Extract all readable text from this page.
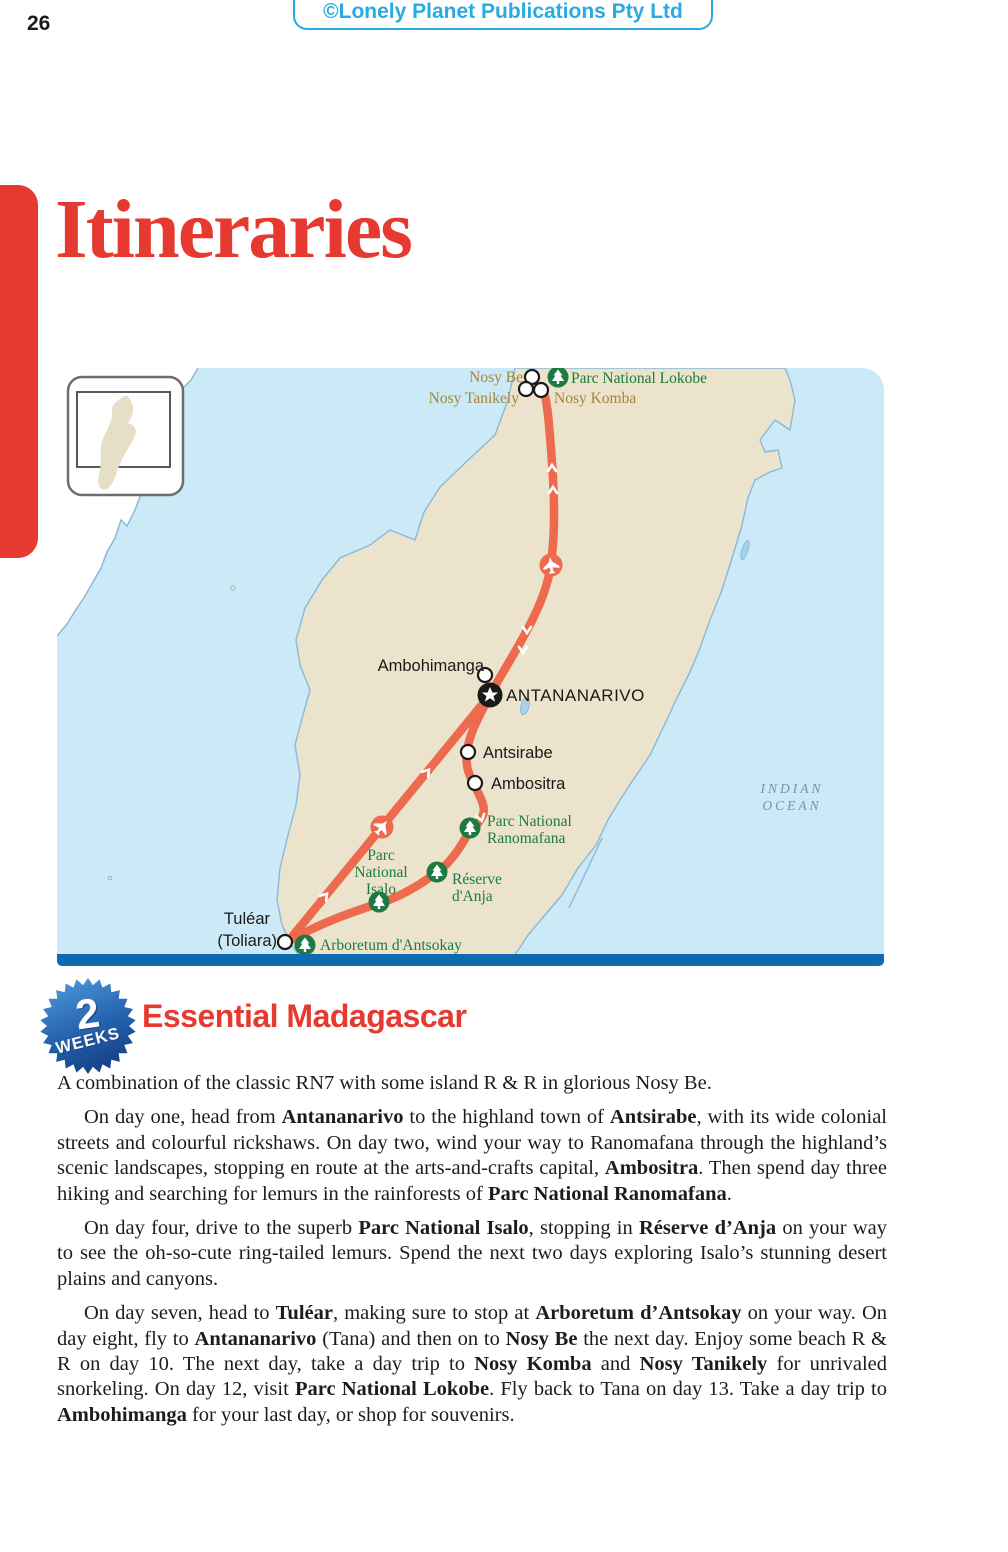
26
©Lonely Planet Publications Pty Ltd
Itineraries
Nosy Be	Parc National Lokobe
Nosy Tanikely Nosy Komba
Ambohimanga
ANTANANARIVO
Antsirabe
Ambositra
Parc National
Ranomafana
Parc
National
Isalo
Réserve
d'Anja
Tuléar
(Toliara)	Arboretum d'Antsokay
INDIAN
OCEAN
2
WEEKS
Essential Madagascar

A combination of the classic RN7 with some island R & R in glorious Nosy Be.

On day one, head from Antananarivo to the highland town of Antsirabe, with its wide colonial streets and colourful rickshaws. On day two, wind your way to Ranomafana through the highland’s scenic landscapes, stopping en route at the arts-and-crafts capital, Ambositra. Then spend day three hiking and searching for lemurs in the rainforests of Parc National Ranomafana.

On day four, drive to the superb Parc National Isalo, stopping in Réserve d’Anja on your way to see the oh-so-cute ring-tailed lemurs. Spend the next two days exploring Isalo’s stunning desert plains and canyons.

On day seven, head to Tuléar, making sure to stop at Arboretum d’Antsokay on your way. On day eight, fly to Antananarivo (Tana) and then on to Nosy Be the next day. Enjoy some beach R & R on day 10. The next day, take a day trip to Nosy Komba and Nosy Tanikely for unrivaled snorkeling. On day 12, visit Parc National Lokobe. Fly back to Tana on day 13. Take a day trip to Ambohimanga for your last day, or shop for souvenirs.
